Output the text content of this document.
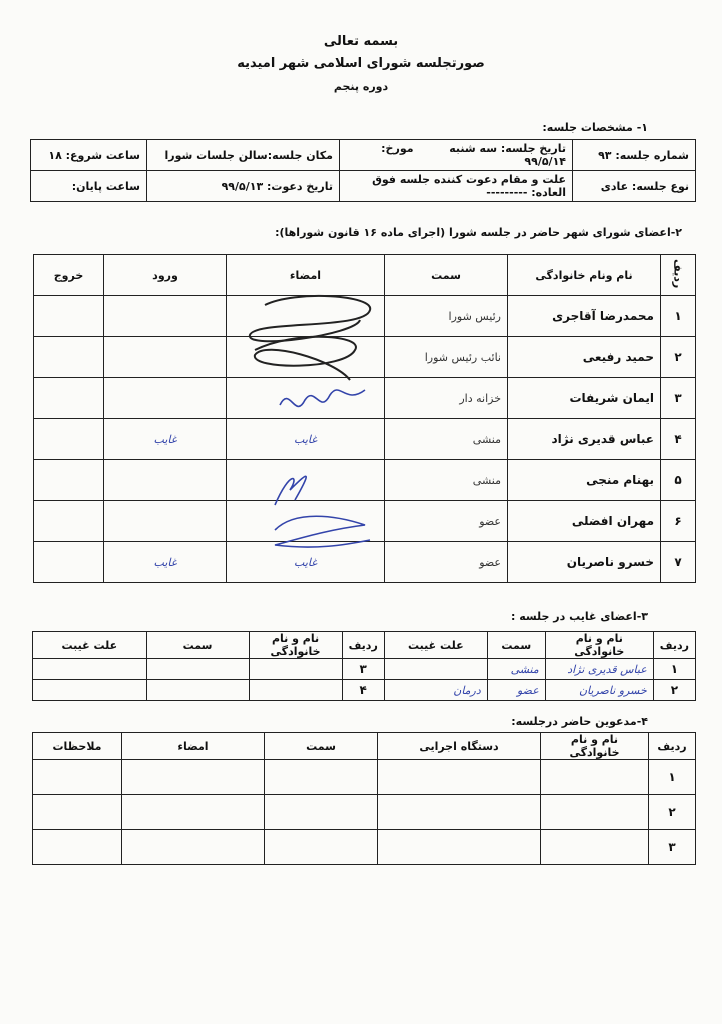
بسمه تعالی
صورتجلسه شورای اسلامی شهر امیدیه
دوره پنجم
۱- مشخصات جلسه:
شماره جلسه: ۹۳	تاریخ جلسه: سه شنبه  مورخ: ۹۹/۵/۱۴	مکان جلسه:سالن جلسات شورا	ساعت شروع: ۱۸
نوع جلسه: عادی	علت و مقام دعوت کننده جلسه فوق العاده: ---------	تاریخ دعوت: ۹۹/۵/۱۳	ساعت پایان:
۲-اعضای شورای شهر حاضر در جلسه شورا (اجرای ماده ۱۶ قانون شوراها):
ردیف	نام ونام خانوادگی	سمت	امضاء	ورود	خروج
۱	محمدرضا آقاجری	رئیس شورا			
۲	حمید رفیعی	نائب رئیس شورا			
۳	ایمان شریفات	خزانه دار			
۴	عباس قدیری نژاد	منشی	غایب	غایب	
۵	بهنام منجی	منشی			
۶	مهران افضلی	عضو			
۷	خسرو ناصریان	عضو	غایب	غایب	
۳-اعضای غایب در جلسه :
ردیف	نام و نام خانوادگی	سمت	علت غیبت	ردیف	نام و نام خانوادگی	سمت	علت غیبت
۱	عباس قدیری نژاد	منشی		۳			
۲	خسرو ناصریان	عضو	درمان	۴			
۴-مدعوین حاضر درجلسه:
ردیف	نام و نام خانوادگی	دستگاه اجرایی	سمت	امضاء	ملاحظات
۱					
۲					
۳					
